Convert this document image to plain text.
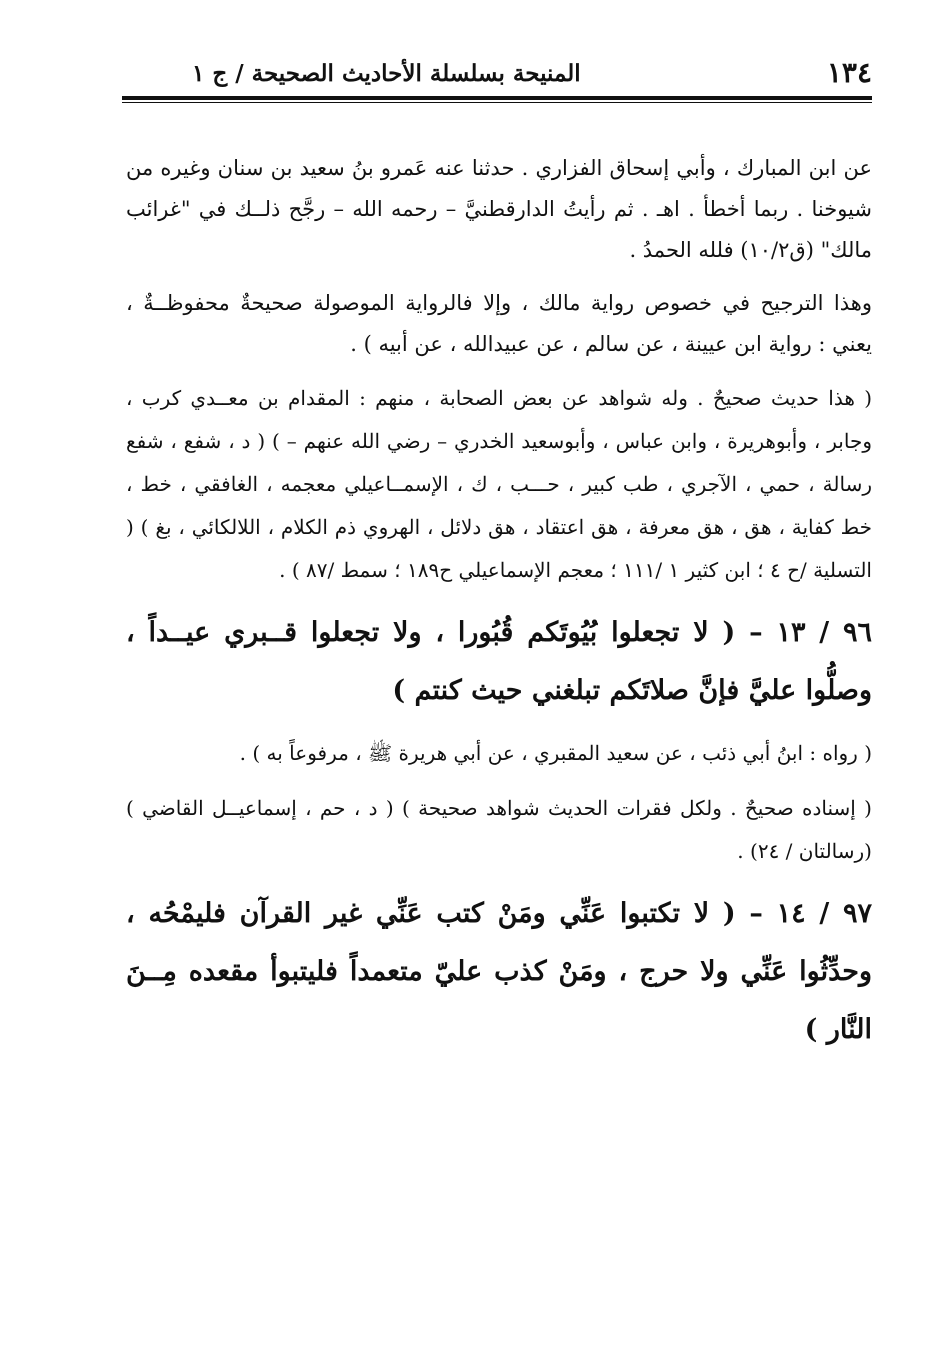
١٣٤
المنيحة بسلسلة الأحاديث الصحيحة / ج ١

عن ابن المبارك ، وأبي إسحاق الفزاري . حدثنا عنه عَمرو بنُ سعيد بن سنان وغيره من شيوخنا . ربما أخطأ . اهـ . ثم رأيتُ الدارقطنيَّ – رحمه الله – رجَّح ذلــك في "غرائب مالك" (ق١٠/٢) فلله الحمدُ .

وهذا الترجيح في خصوص رواية مالك ، وإلا فالرواية الموصولة صحيحةٌ محفوظــةٌ ، يعني : رواية ابن عيينة ، عن سالم ، عن عبيدالله ، عن أبيه ) .

( هذا حديث صحيحٌ . وله شواهد عن بعض الصحابة ، منهم : المقدام بن معــدي كرب ، وجابر ، وأبوهريرة ، وابن عباس ، وأبوسعيد الخدري – رضي الله عنهم – ) ( د ، شفع ، شفع رسالة ، حمي ، الآجري ، طب كبير ، حـــب ، ك ، الإسمــاعيلي معجمه ، الغافقي ، خط ، خط كفاية ، هق ، هق معرفة ، هق اعتقاد ، هق دلائل ، الهروي ذم الكلام ، اللالكائي ، بغ ) ( التسلية /ح ٤ ؛ ابن كثير ١ /١١١ ؛ معجم الإسماعيلي ح١٨٩ ؛ سمط /٨٧ ) .

٩٦ / ١٣ – ( لا تجعلوا بُيُوتَكم قُبُورا ، ولا تجعلوا قــبري عيــداً ، وصلُّوا عليَّ فإنَّ صلاتَكم تبلغني حيث كنتم )

( رواه : ابنُ أبي ذئب ، عن سعيد المقبري ، عن أبي هريرة ﷺ ، مرفوعاً به ) .

( إسناده صحيحٌ . ولكل فقرات الحديث شواهد صحيحة ) ( د ، حم ، إسماعيــل القاضي ) (رسالتان / ٢٤) .

٩٧ / ١٤ – ( لا تكتبوا عَنِّي ومَنْ كتب عَنِّي غير القرآن فليمْحُه ، وحدِّثُوا عَنِّي ولا حرج ، ومَنْ كذب عليّ متعمداً فليتبوأ مقعده مِــنَ النَّار )
